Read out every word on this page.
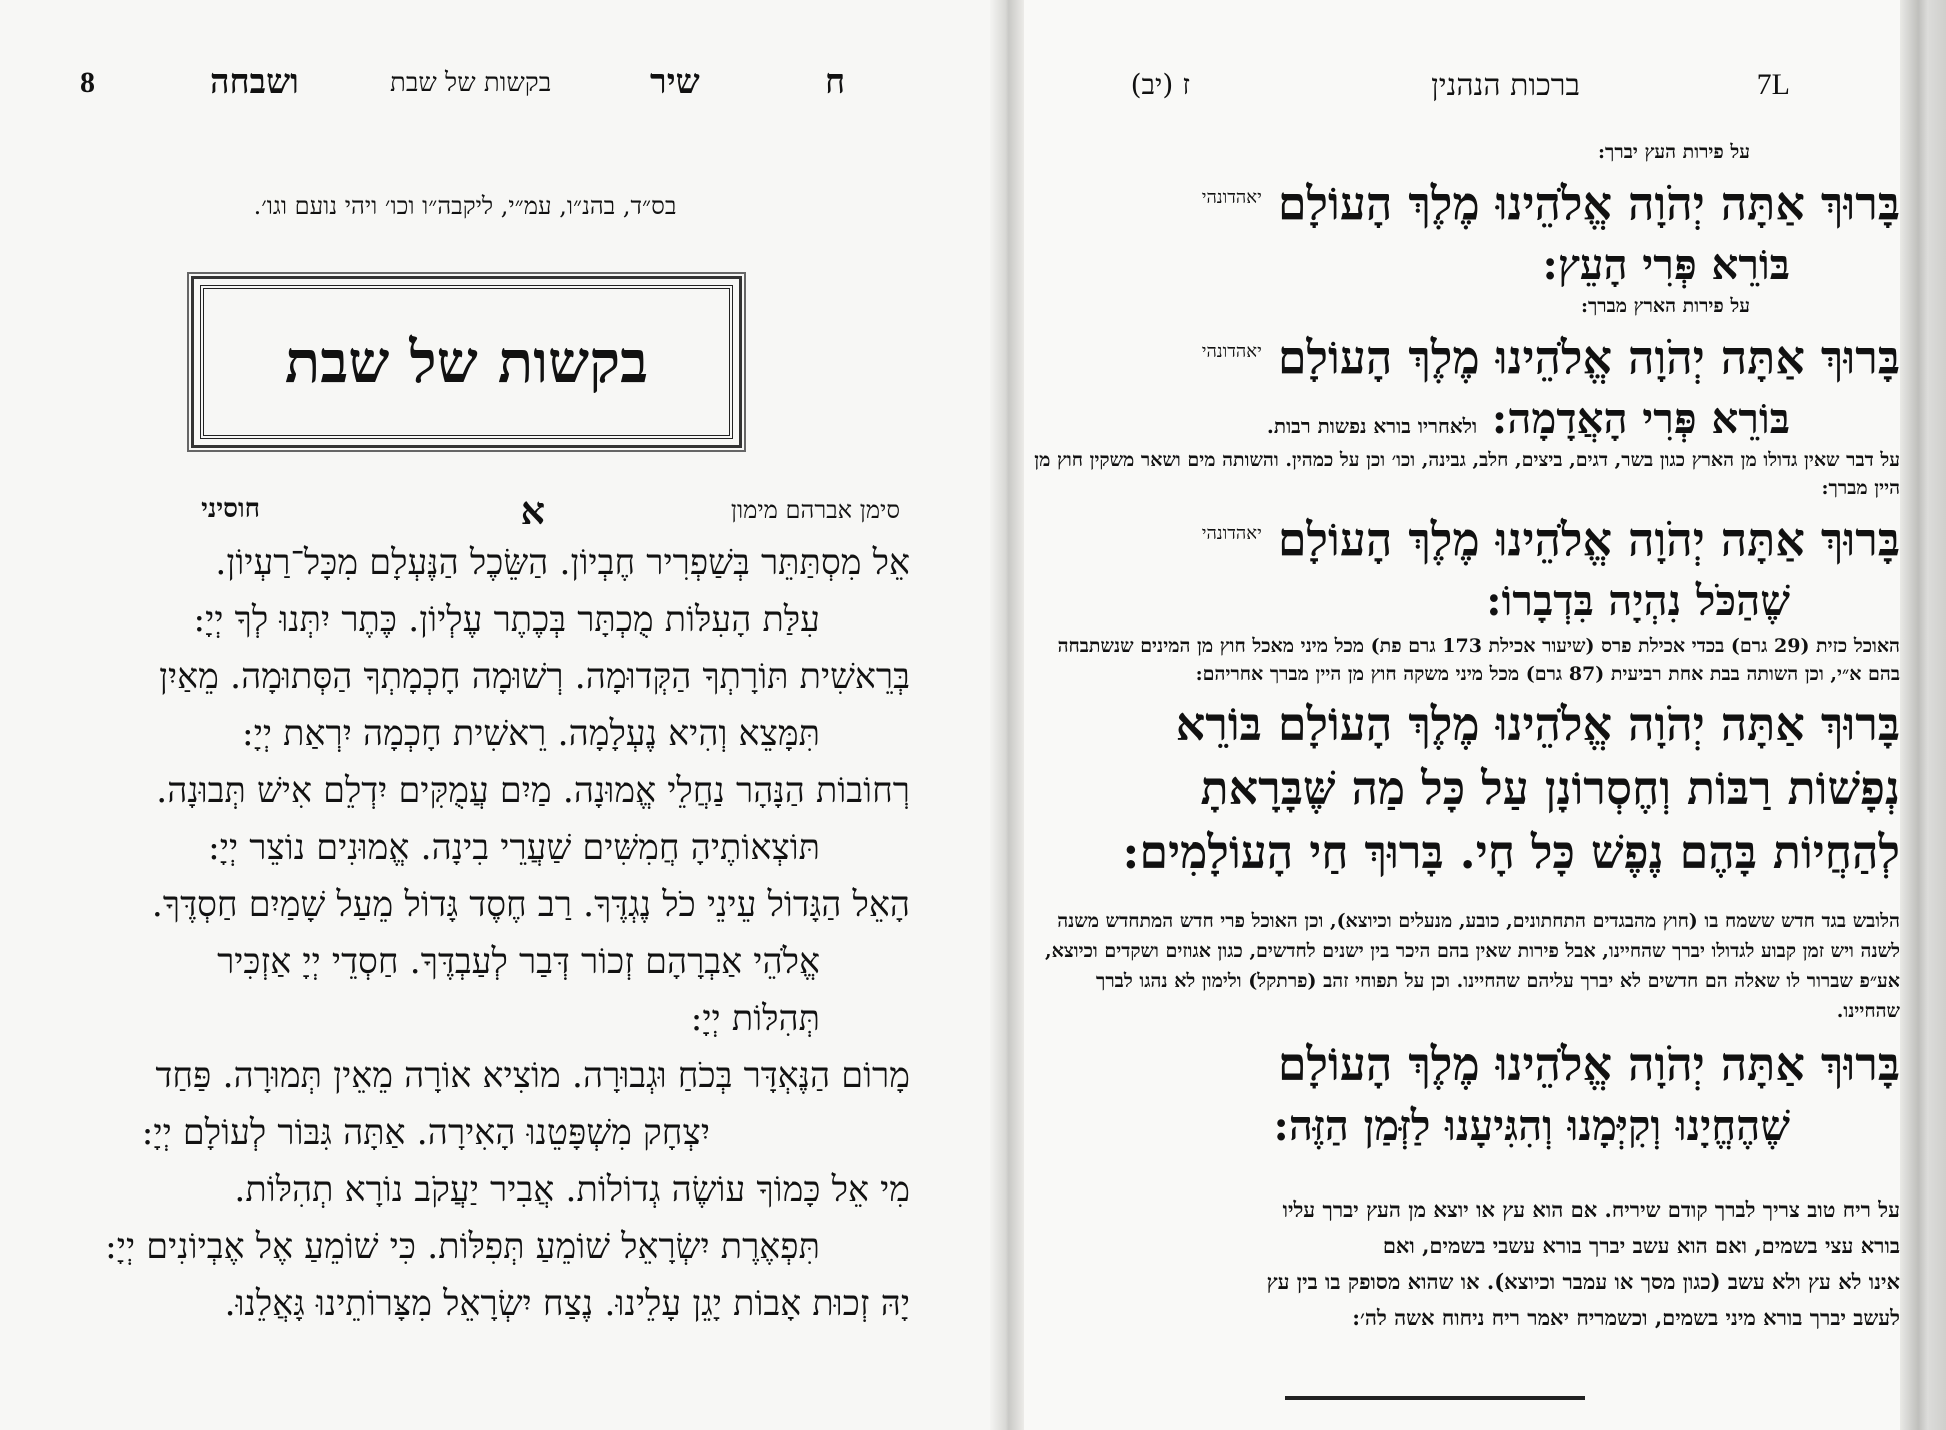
8	ושבחה	בקשות של שבת	שיר	ח
בס״ד, בהנ״ו, עמ״י, ליקבה״ו וכו׳ ויהי נועם וגו׳.
בקשות של שבת
סימן אברהם מימון
א
חוסיני
אֵל מִסְתַּתֵּר בְּשַׁפְרִיר חֶבְיוֹן. הַשֵּׂכֶל הַנֶּעְלָם מִכָּל־רַעְיוֹן.
עִלַּת הָעִלּוֹת מֻכְתָּר בְּכֶתֶר עֶלְיוֹן. כֶּתֶר יִתְּנוּ לְךָ יְיָ:
בְּרֵאשִׁית תּוֹרָתְךָ הַקְּדוּמָה. רְשׁוּמָה חָכְמָתְךָ הַסְּתוּמָה. מֵאַיִן
תִּמָּצֵא וְהִיא נֶעְלָמָה. רֵאשִׁית חָכְמָה יִרְאַת יְיָ:
רְחוֹבוֹת הַנָּהָר נַחֲלֵי אֱמוּנָה. מַיִם עֲמֻקִּים יִדְלֵם אִישׁ תְּבוּנָה.
תּוֹצְאוֹתֶיהָ חֲמִשִּׁים שַׁעֲרֵי בִינָה. אֱמוּנִים נוֹצֵר יְיָ:
הָאֵל הַגָּדוֹל עֵינֵי כֹל נֶגְדֶּךָ. רַב חֶסֶד גָּדוֹל מֵעַל שָׁמַיִם חַסְדֶּךָ.
אֱלֹהֵי אַבְרָהָם זְכוֹר דְּבַר לְעַבְדֶּךָ. חַסְדֵי יְיָ אַזְכִּיר
תְּהִלּוֹת יְיָ:
מָרוֹם הַנֶּאְדָּר בְּכֹחַ וּגְבוּרָה. מוֹצִיא אוֹרָה מֵאֵין תְּמוּרָה. פַּחַד
יִצְחָק מִשְׁפָּטֵנוּ הָאִירָה. אַתָּה גִּבּוֹר לְעוֹלָם יְיָ:
מִי אֵל כָּמוֹךָ עוֹשֶׂה גְדוֹלוֹת. אֲבִיר יַעֲקֹב נוֹרָא תְהִלּוֹת.
תִּפְאֶרֶת יִשְׂרָאֵל שׁוֹמֵעַ תְּפִלּוֹת. כִּי שׁוֹמֵעַ אֶל אֶבְיוֹנִים יְיָ:
יָהּ זְכוּת אָבוֹת יָגֵן עָלֵינוּ. נֶצַח יִשְׂרָאֵל מִצָּרוֹתֵינוּ גָּאֲלֵנוּ.
7L
ברכות הנהנין
ז (יב)
על פירות העץ יברך:
בָּרוּךְ אַתָּה יְהֹוָה אֱלֹהֵינוּ מֶלֶךְ הָעוֹלָם $^{יאהדונהי}$
בּוֹרֵא פְּרִי הָעֵץ:
על פירות הארץ מברך:
בָּרוּךְ אַתָּה יְהֹוָה אֱלֹהֵינוּ מֶלֶךְ הָעוֹלָם $^{יאהדונהי}$
בּוֹרֵא פְּרִי הָאֲדָמָה: ולאחריו בורא נפשות רבות.
על דבר שאין גדולו מן הארץ כגון בשר, דגים, ביצים, חלב, גבינה, וכו׳ וכן על כמהין. והשותה מים ושאר משקין חוץ מן היין מברך:
בָּרוּךְ אַתָּה יְהֹוָה אֱלֹהֵינוּ מֶלֶךְ הָעוֹלָם $^{יאהדונהי}$
שֶׁהַכֹּל נִהְיָה בִּדְבָרוֹ:
האוכל כזית (29 גרם) בכדי אכילת פרס (שיעור אכילת 173 גרם פת) מכל מיני מאכל חוץ מן המינים שנשתבחה בהם א״י, וכן השותה בבת אחת רביעית (87 גרם) מכל מיני משקה חוץ מן היין מברך אחריהם:
בָּרוּךְ אַתָּה יְהֹוָה אֱלֹהֵינוּ מֶלֶךְ הָעוֹלָם בּוֹרֵא
נְפָשׁוֹת רַבּוֹת וְחֶסְרוֹנָן עַל כָּל מַה שֶּׁבָּרָאתָ
לְהַחֲיוֹת בָּהֶם נֶפֶשׁ כָּל חָי. בָּרוּךְ חַי הָעוֹלָמִים:
הלובש בגד חדש ששמח בו (חוץ מהבגדים התחתונים, כובע, מנעלים וכיוצא), וכן האוכל פרי חדש המתחדש משנה לשנה ויש זמן קבוע לגדולו יברך שהחיינו, אבל פירות שאין בהם היכר בין ישנים לחדשים, כגון אגוזים ושקדים וכיוצא, אע״פ שברור לו שאלה הם חדשים לא יברך עליהם שהחיינו. וכן על תפוחי זהב (פרתקל) ולימון לא נהגו לברך שהחיינו.
בָּרוּךְ אַתָּה יְהֹוָה אֱלֹהֵינוּ מֶלֶךְ הָעוֹלָם
שֶׁהֶחֱיָנוּ וְקִיְּמָנוּ וְהִגִּיעָנוּ לַזְּמַן הַזֶּה:
על ריח טוב צריך לברך קודם שיריח. אם הוא עץ או יוצא מן העץ יברך עליו
בורא עצי בשמים, ואם הוא עשב יברך בורא עשבי בשמים, ואם
אינו לא עץ ולא עשב (כגון מסך או עמבר וכיוצא). או שהוא מסופק בו בין עץ
לעשב יברך בורא מיני בשמים, וכשמריח יאמר ריח ניחוח אשה לה׳:
